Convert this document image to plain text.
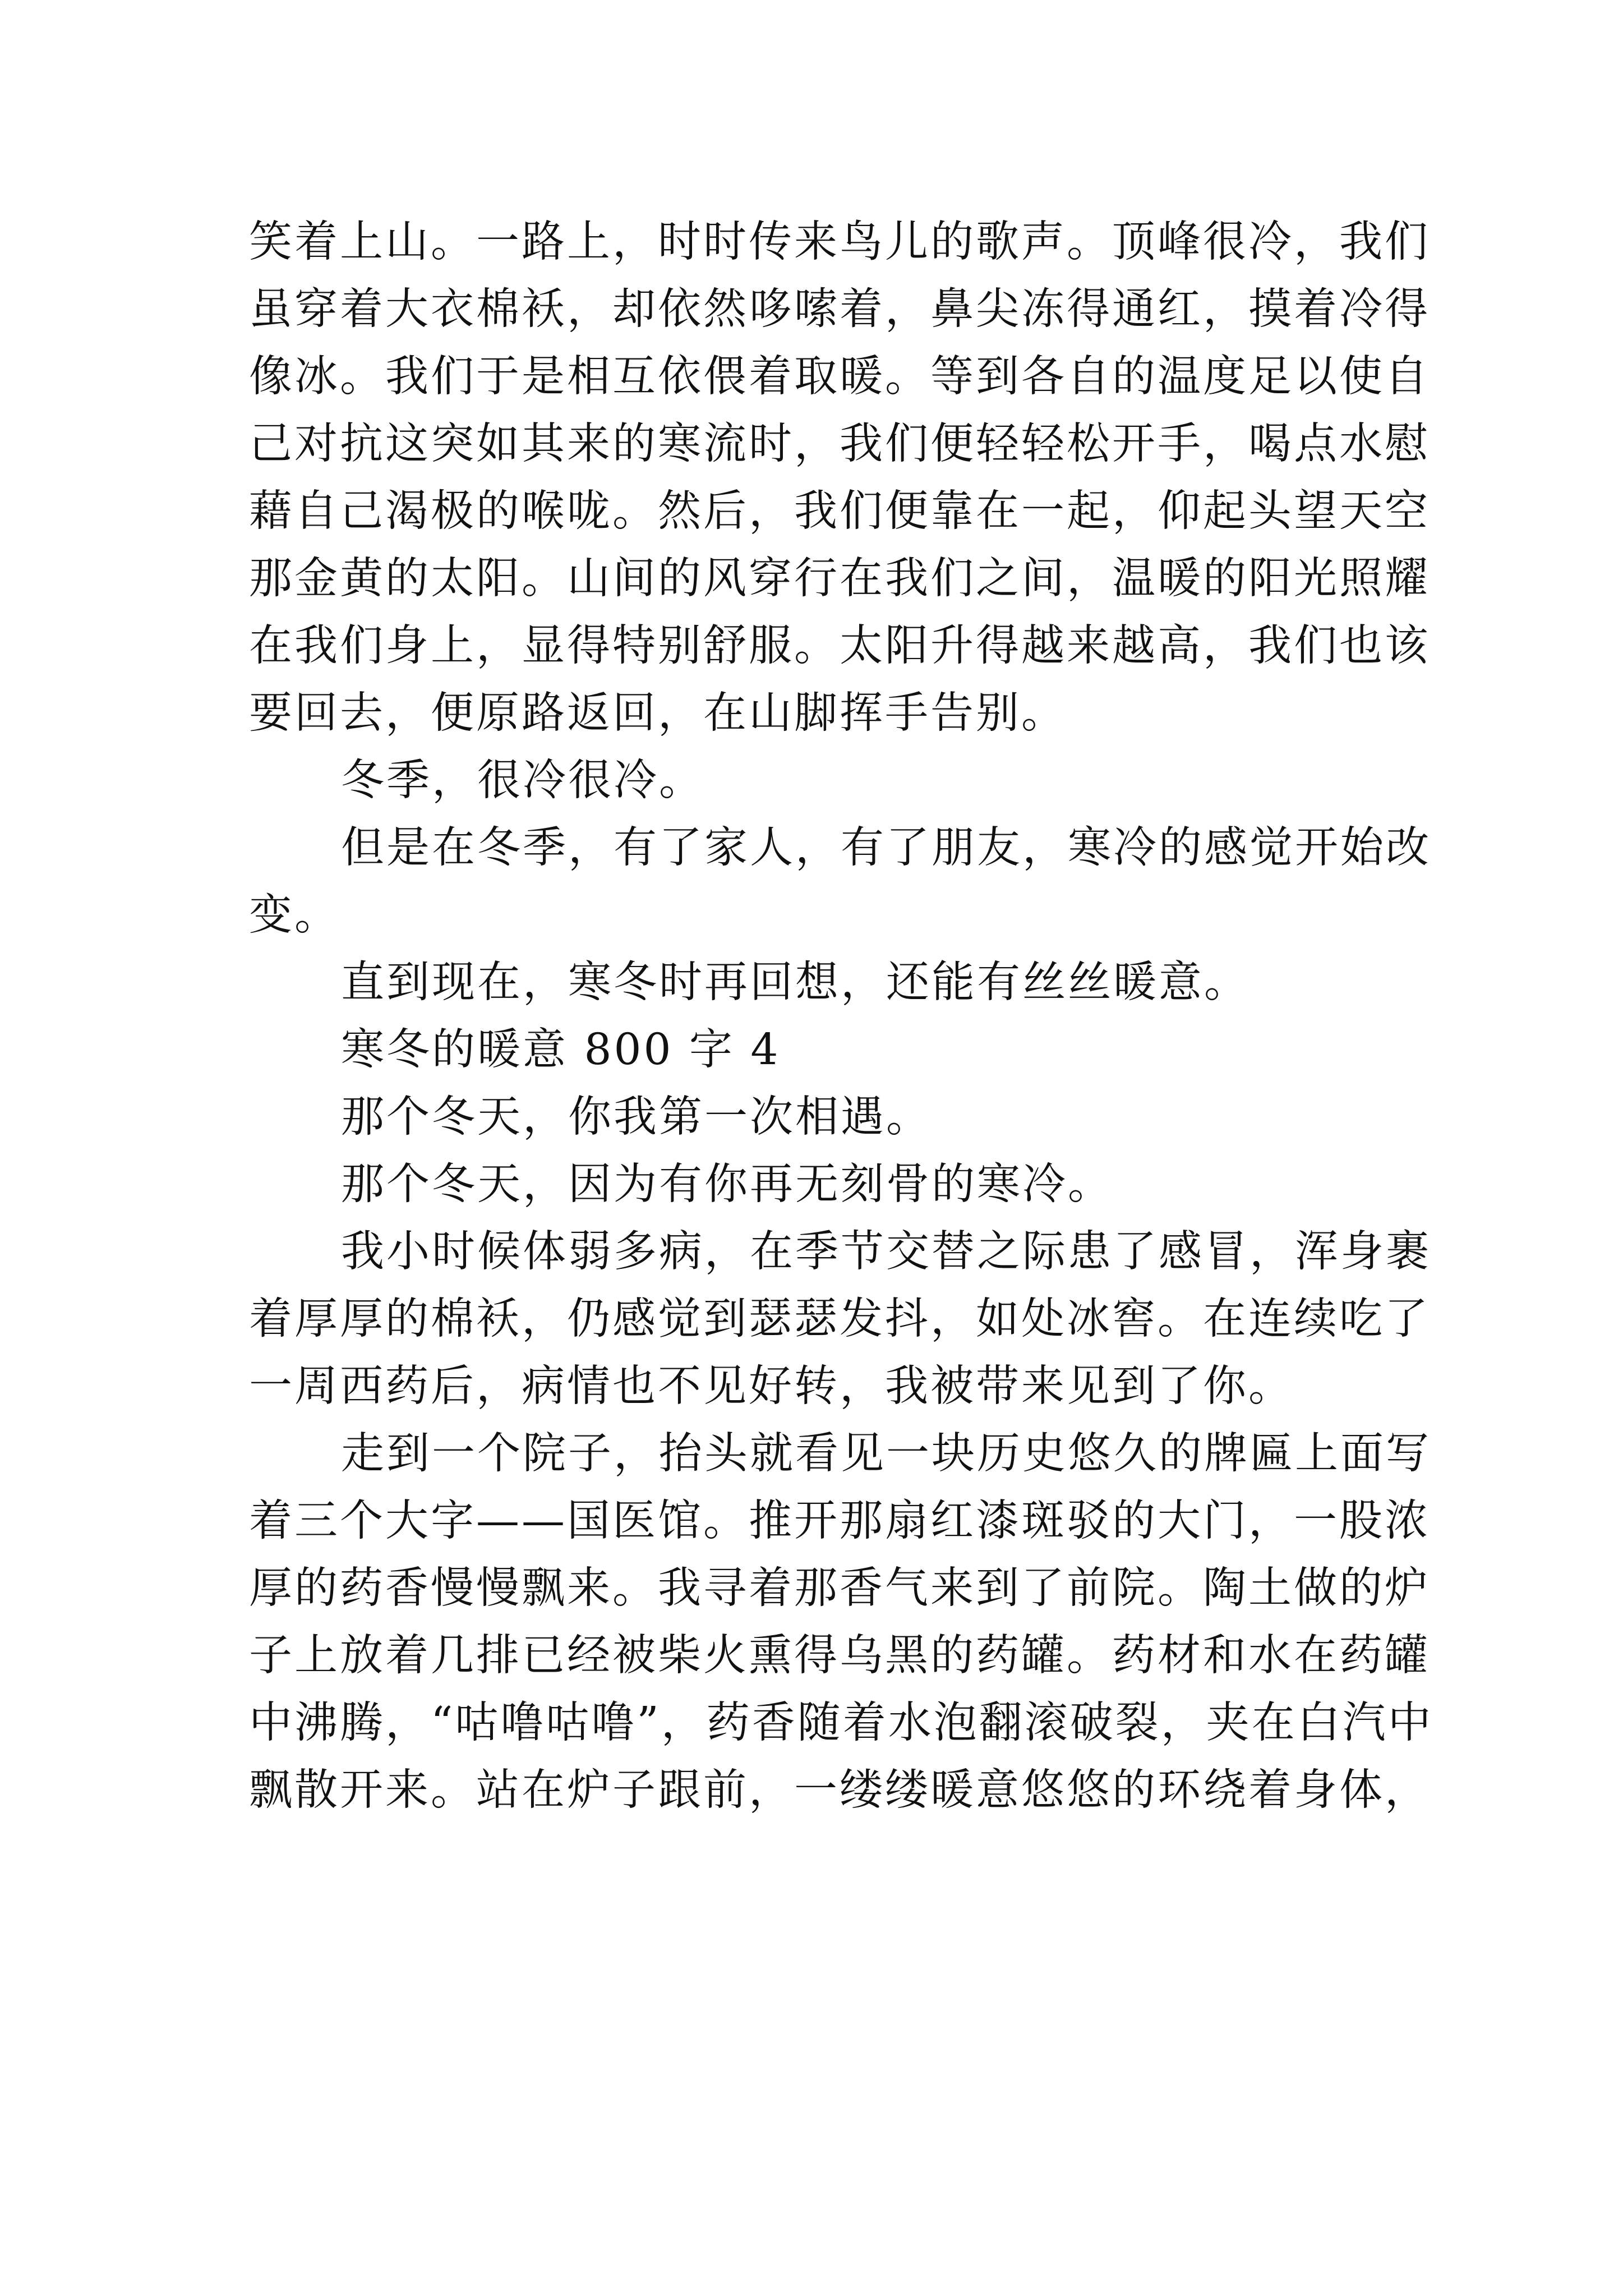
笑着上山。一路上，时时传来鸟儿的歌声。顶峰很冷，我们
虽穿着大衣棉袄，却依然哆嗦着，鼻尖冻得通红，摸着冷得
像冰。我们于是相互依偎着取暖。等到各自的温度足以使自
己对抗这突如其来的寒流时，我们便轻轻松开手，喝点水慰
藉自己渴极的喉咙。然后，我们便靠在一起，仰起头望天空
那金黄的太阳。山间的风穿行在我们之间，温暖的阳光照耀
在我们身上，显得特别舒服。太阳升得越来越高，我们也该
要回去，便原路返回，在山脚挥手告别。
冬季，很冷很冷。
但是在冬季，有了家人，有了朋友，寒冷的感觉开始改
变。
直到现在，寒冬时再回想，还能有丝丝暖意。
寒冬的暖意 800 字 4
那个冬天，你我第一次相遇。
那个冬天，因为有你再无刻骨的寒冷。
我小时候体弱多病，在季节交替之际患了感冒，浑身裹
着厚厚的棉袄，仍感觉到瑟瑟发抖，如处冰窖。在连续吃了
一周西药后，病情也不见好转，我被带来见到了你。
走到一个院子，抬头就看见一块历史悠久的牌匾上面写
着三个大字——国医馆。推开那扇红漆斑驳的大门，一股浓
厚的药香慢慢飘来。我寻着那香气来到了前院。陶土做的炉
子上放着几排已经被柴火熏得乌黑的药罐。药材和水在药罐
中沸腾，“咕噜咕噜”，药香随着水泡翻滚破裂，夹在白汽中
飘散开来。站在炉子跟前，一缕缕暖意悠悠的环绕着身体，
